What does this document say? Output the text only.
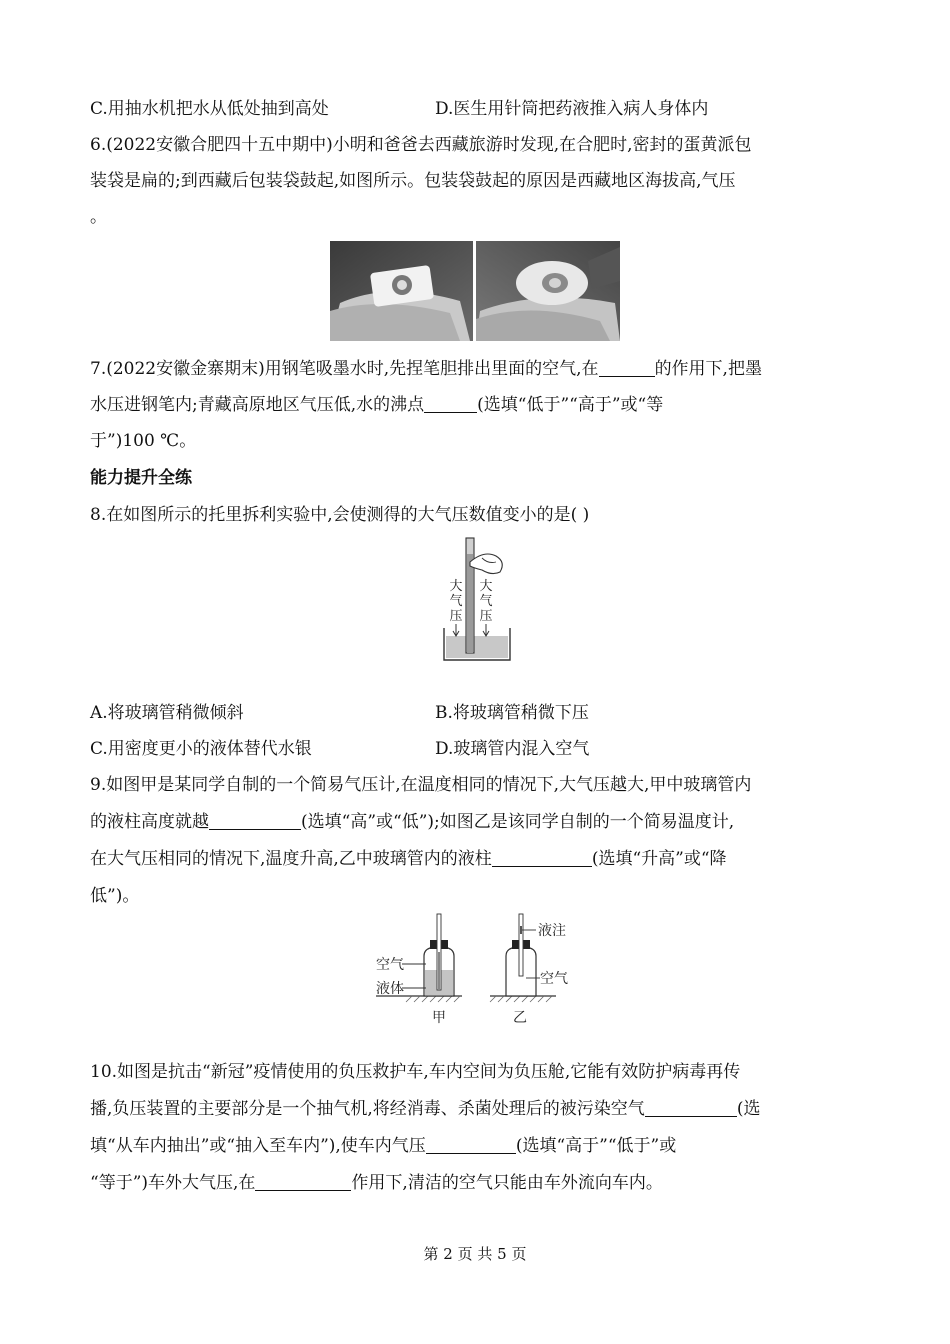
C.用抽水机把水从低处抽到高处	D.医生用针筒把药液推入病人身体内
6.(2022安徽合肥四十五中期中)小明和爸爸去西藏旅游时发现,在合肥时,密封的蛋黄派包
装袋是扁的;到西藏后包装袋鼓起,如图所示。包装袋鼓起的原因是西藏地区海拔高,气压
。
7.(2022安徽金寨期末)用钢笔吸墨水时,先捏笔胆排出里面的空气,在	的作用下,把墨
水压进钢笔内;青藏高原地区气压低,水的沸点	(选填“低于”“高于”或“等
于”)100 ℃。
能力提升全练
8.在如图所示的托里拆利实验中,会使测得的大气压数值变小的是( )
大
气
压
大
气
压
A.将玻璃管稍微倾斜	B.将玻璃管稍微下压
C.用密度更小的液体替代水银	D.玻璃管内混入空气
9.如图甲是某同学自制的一个简易气压计,在温度相同的情况下,大气压越大,甲中玻璃管内
的液柱高度就越	(选填“高”或“低”);如图乙是该同学自制的一个简易温度计,
在大气压相同的情况下,温度升高,乙中玻璃管内的液柱	(选填“升高”或“降
低”)。
空气
液体
甲
液注
空气
乙
10.如图是抗击“新冠”疫情使用的负压救护车,车内空间为负压舱,它能有效防护病毒再传
播,负压装置的主要部分是一个抽气机,将经消毒、杀菌处理后的被污染空气	(选
填“从车内抽出”或“抽入至车内”),使车内气压	(选填“高于”“低于”或
“等于”)车外大气压,在	作用下,清洁的空气只能由车外流向车内。
第 2 页 共 5 页
